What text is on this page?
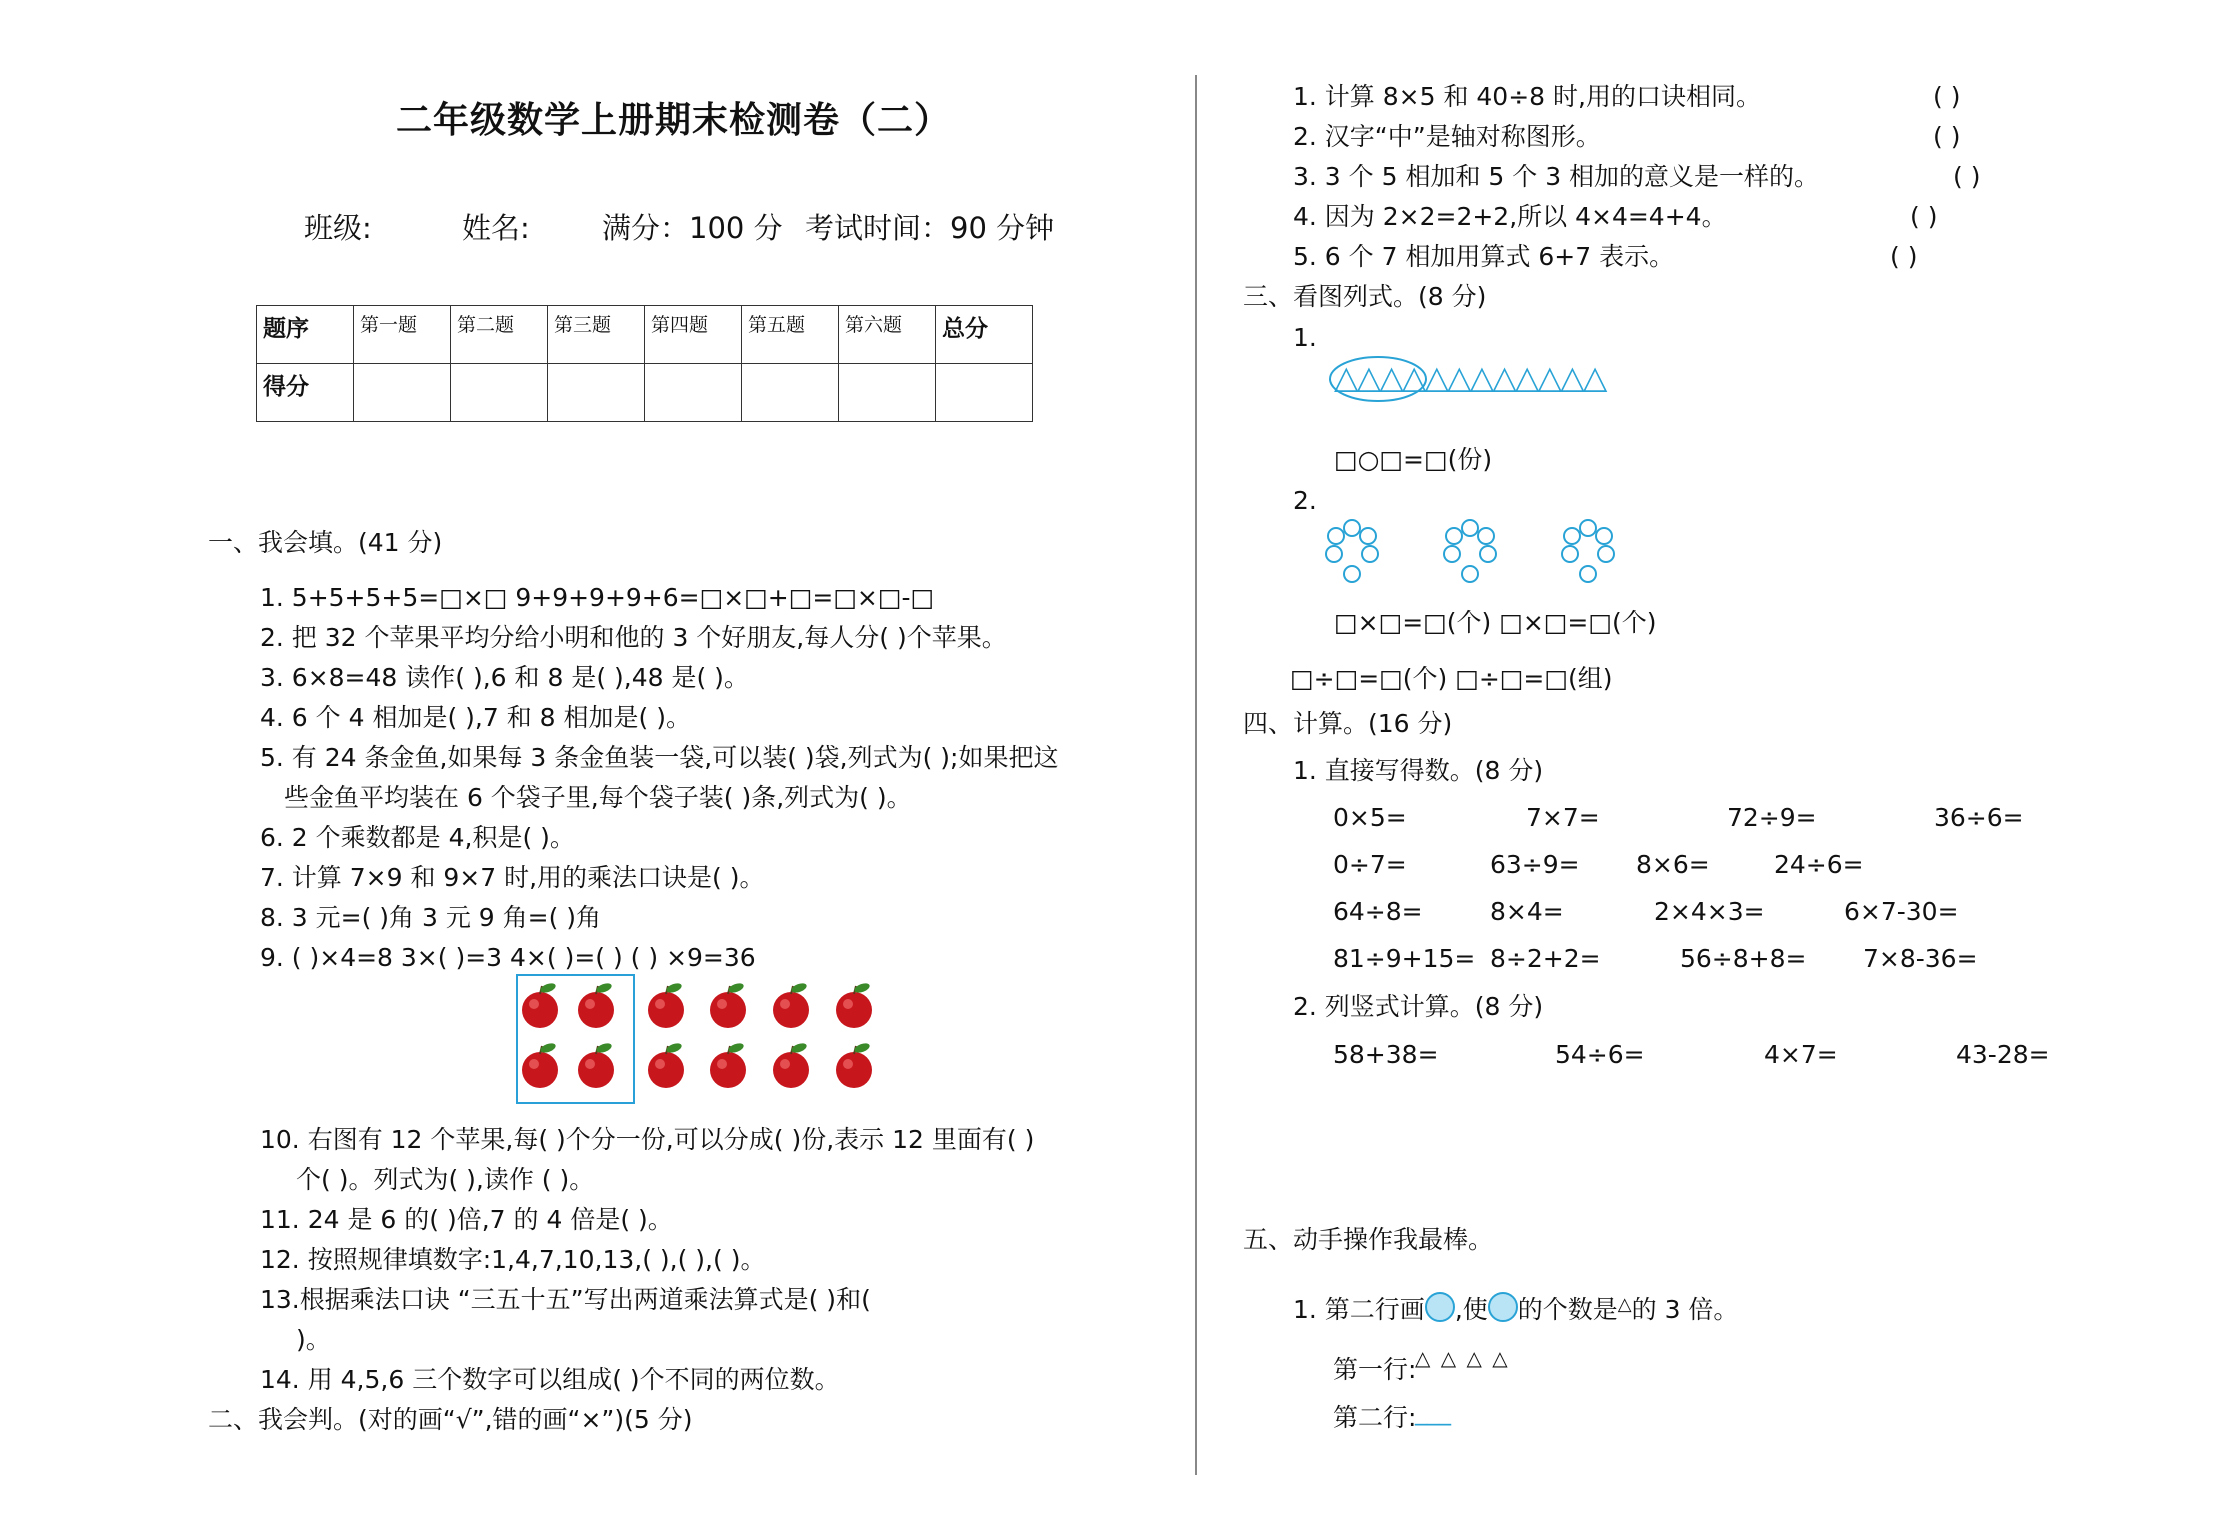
二年级数学上册期末检测卷（二）
班级:	姓名: 满分：100 分 考试时间：90 分钟
题序	第一题	第二题	第三题	第四题	第五题	第六题	总分
得分							
一、我会填。(41 分)
1. 5+5+5+5=□×□ 9+9+9+9+6=□×□+□=□×□-□
2. 把 32 个苹果平均分给小明和他的 3 个好朋友,每人分( )个苹果。
3. 6×8=48 读作( ),6 和 8 是( ),48 是( )。
4. 6 个 4 相加是( ),7 和 8 相加是( )。
5. 有 24 条金鱼,如果每 3 条金鱼装一袋,可以装( )袋,列式为( );如果把这
些金鱼平均装在 6 个袋子里,每个袋子装( )条,列式为( )。
6. 2 个乘数都是 4,积是( )。
7. 计算 7×9 和 9×7 时,用的乘法口诀是( )。
8. 3 元=( )角 3 元 9 角=( )角
9. ( )×4=8 3×( )=3 4×( )=( ) ( ) ×9=36
10. 右图有 12 个苹果,每( )个分一份,可以分成( )份,表示 12 里面有( )
个( )。列式为( ),读作 ( )。
11. 24 是 6 的( )倍,7 的 4 倍是( )。
12. 按照规律填数字:1,4,7,10,13,( ),( ),( )。
13.根据乘法口诀 “三五十五”写出两道乘法算式是( )和(
)。
14. 用 4,5,6 三个数字可以组成( )个不同的两位数。
二、我会判。(对的画“√”,错的画“×”)(5 分)
1. 计算 8×5 和 40÷8 时,用的口诀相同。	( )
2. 汉字“中”是轴对称图形。	( )
3. 3 个 5 相加和 5 个 3 相加的意义是一样的。	( )
4. 因为 2×2=2+2,所以 4×4=4+4。	( )
5. 6 个 7 相加用算式 6+7 表示。	( )
三、看图列式。(8 分)
1.
△△△△△△△△△△△△
□○□=□(份)
2.
□×□=□(个) □×□=□(个)
□÷□=□(个) □÷□=□(组)
四、计算。(16 分)
1. 直接写得数。(8 分)
0×5=	7×7=	72÷9=	36÷6=
0÷7=	63÷9= 8×6=	24÷6=
64÷8=	8×4=	2×4×3=	6×7-30=
81÷9+15= 8÷2+2=	56÷8+8= 7×8-36=
2. 列竖式计算。(8 分)
58+38=	54÷6=	4×7=	43-28=
五、动手操作我最棒。
1. 第二行画 ,使 的个数是△的 3 倍。
第一行:
△ △ △ △
第二行:
___
